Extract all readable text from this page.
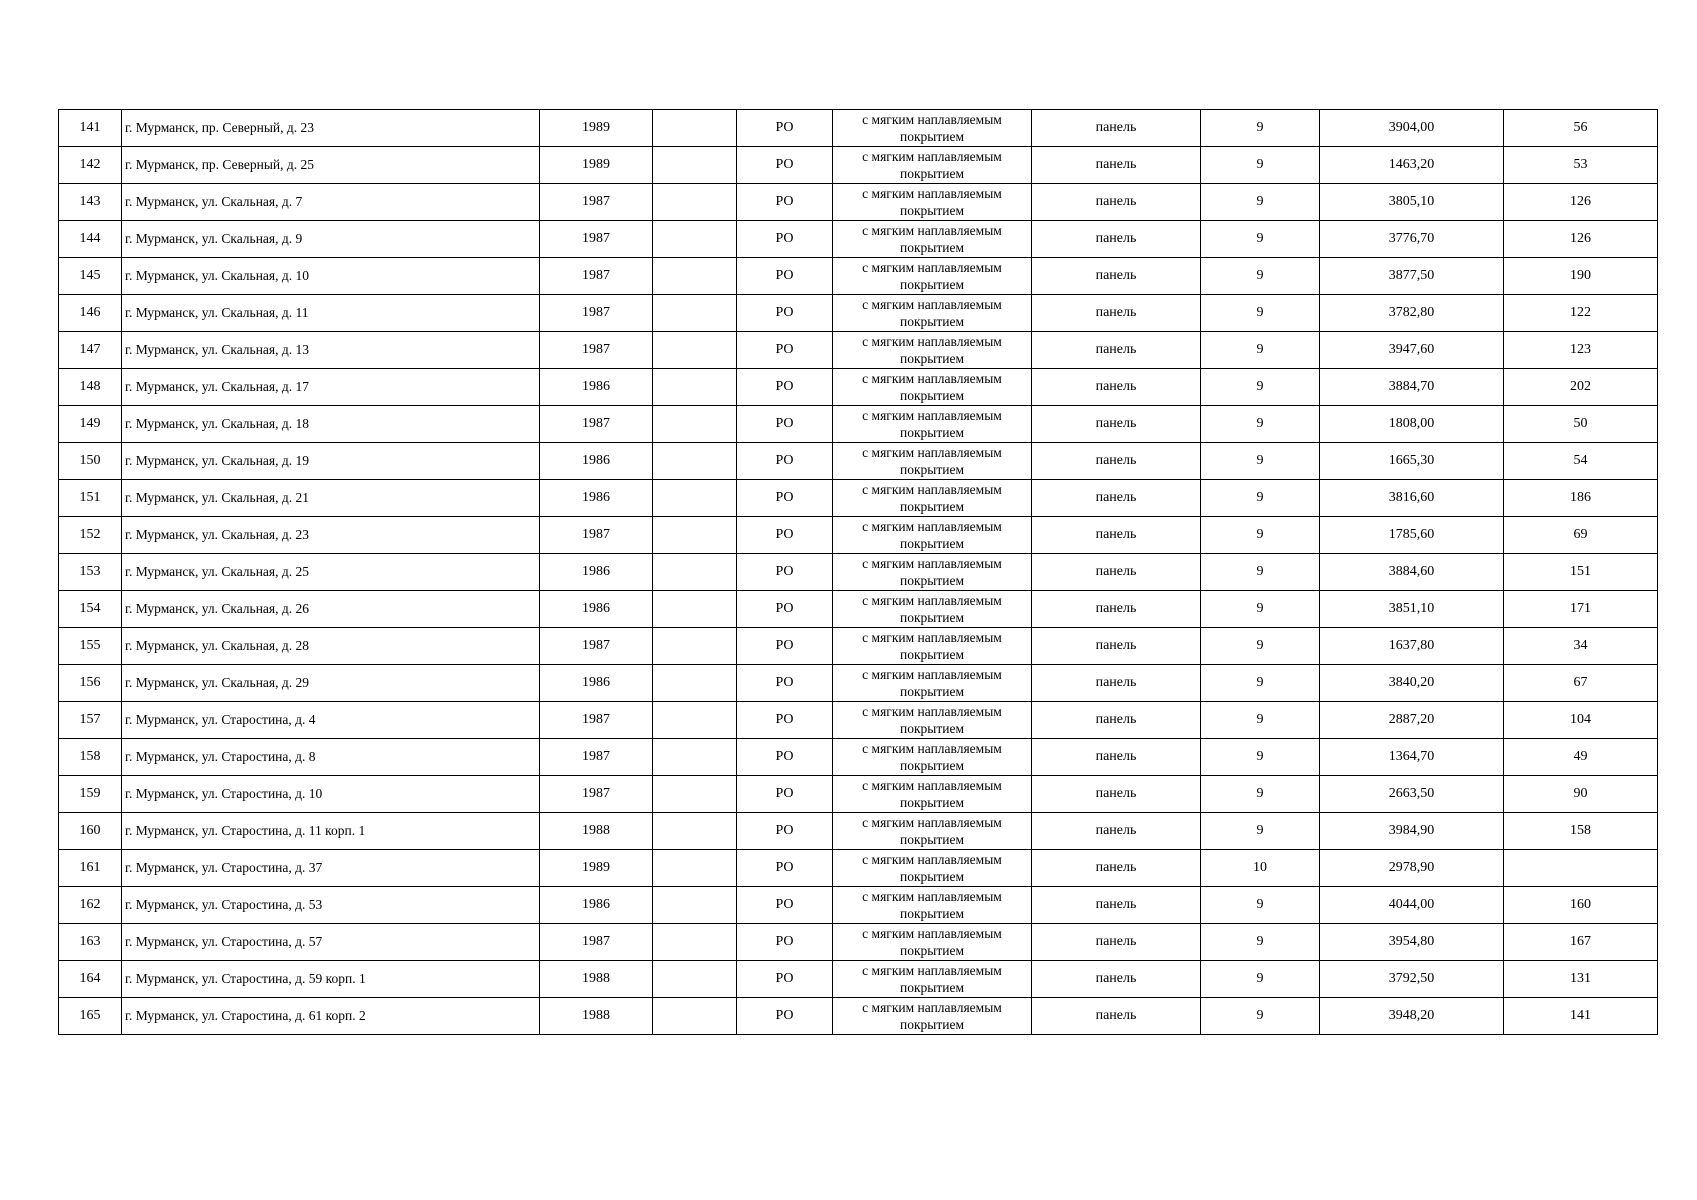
141	г. Мурманск, пр. Северный, д. 23	1989		РО	с мягким наплавляемым
покрытием	панель	9	3904,00	56
142	г. Мурманск, пр. Северный, д. 25	1989		РО	с мягким наплавляемым
покрытием	панель	9	1463,20	53
143	г. Мурманск, ул. Скальная, д. 7	1987		РО	с мягким наплавляемым
покрытием	панель	9	3805,10	126
144	г. Мурманск, ул. Скальная, д. 9	1987		РО	с мягким наплавляемым
покрытием	панель	9	3776,70	126
145	г. Мурманск, ул. Скальная, д. 10	1987		РО	с мягким наплавляемым
покрытием	панель	9	3877,50	190
146	г. Мурманск, ул. Скальная, д. 11	1987		РО	с мягким наплавляемым
покрытием	панель	9	3782,80	122
147	г. Мурманск, ул. Скальная, д. 13	1987		РО	с мягким наплавляемым
покрытием	панель	9	3947,60	123
148	г. Мурманск, ул. Скальная, д. 17	1986		РО	с мягким наплавляемым
покрытием	панель	9	3884,70	202
149	г. Мурманск, ул. Скальная, д. 18	1987		РО	с мягким наплавляемым
покрытием	панель	9	1808,00	50
150	г. Мурманск, ул. Скальная, д. 19	1986		РО	с мягким наплавляемым
покрытием	панель	9	1665,30	54
151	г. Мурманск, ул. Скальная, д. 21	1986		РО	с мягким наплавляемым
покрытием	панель	9	3816,60	186
152	г. Мурманск, ул. Скальная, д. 23	1987		РО	с мягким наплавляемым
покрытием	панель	9	1785,60	69
153	г. Мурманск, ул. Скальная, д. 25	1986		РО	с мягким наплавляемым
покрытием	панель	9	3884,60	151
154	г. Мурманск, ул. Скальная, д. 26	1986		РО	с мягким наплавляемым
покрытием	панель	9	3851,10	171
155	г. Мурманск, ул. Скальная, д. 28	1987		РО	с мягким наплавляемым
покрытием	панель	9	1637,80	34
156	г. Мурманск, ул. Скальная, д. 29	1986		РО	с мягким наплавляемым
покрытием	панель	9	3840,20	67
157	г. Мурманск, ул. Старостина, д. 4	1987		РО	с мягким наплавляемым
покрытием	панель	9	2887,20	104
158	г. Мурманск, ул. Старостина, д. 8	1987		РО	с мягким наплавляемым
покрытием	панель	9	1364,70	49
159	г. Мурманск, ул. Старостина, д. 10	1987		РО	с мягким наплавляемым
покрытием	панель	9	2663,50	90
160	г. Мурманск, ул. Старостина, д. 11 корп. 1	1988		РО	с мягким наплавляемым
покрытием	панель	9	3984,90	158
161	г. Мурманск, ул. Старостина, д. 37	1989		РО	с мягким наплавляемым
покрытием	панель	10	2978,90	
162	г. Мурманск, ул. Старостина, д. 53	1986		РО	с мягким наплавляемым
покрытием	панель	9	4044,00	160
163	г. Мурманск, ул. Старостина, д. 57	1987		РО	с мягким наплавляемым
покрытием	панель	9	3954,80	167
164	г. Мурманск, ул. Старостина, д. 59 корп. 1	1988		РО	с мягким наплавляемым
покрытием	панель	9	3792,50	131
165	г. Мурманск, ул. Старостина, д. 61 корп. 2	1988		РО	с мягким наплавляемым
покрытием	панель	9	3948,20	141
